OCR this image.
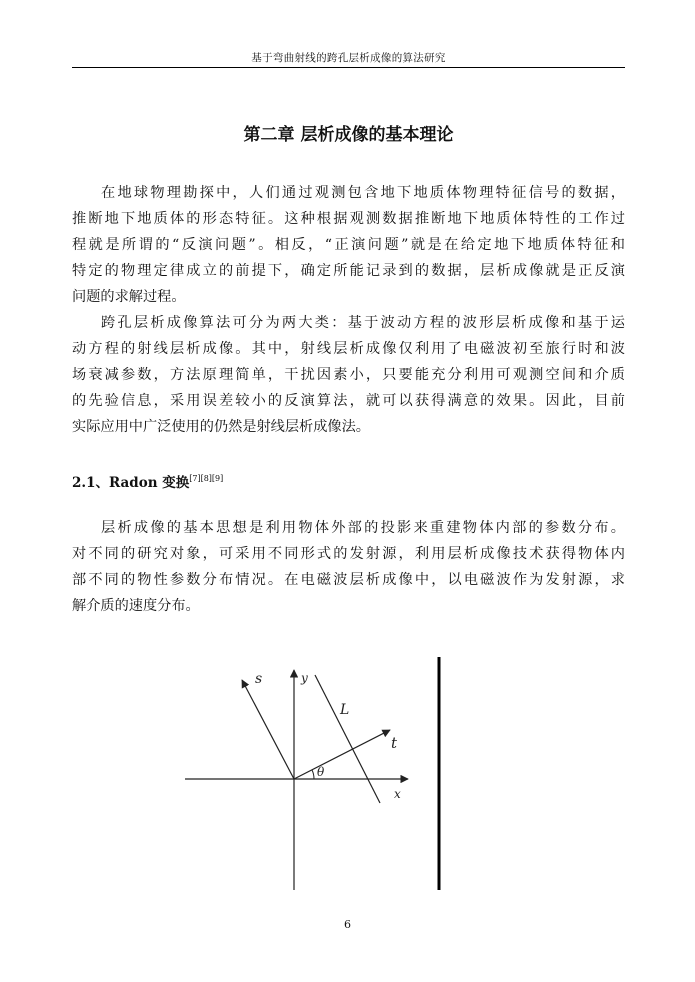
基于弯曲射线的跨孔层析成像的算法研究
第二章 层析成像的基本理论
在地球物理勘探中，人们通过观测包含地下地质体物理特征信号的数据，
推断地下地质体的形态特征。这种根据观测数据推断地下地质体特性的工作过
程就是所谓的“反演问题”。相反，“正演问题”就是在给定地下地质体特征和
特定的物理定律成立的前提下，确定所能记录到的数据，层析成像就是正反演
问题的求解过程。
跨孔层析成像算法可分为两大类：基于波动方程的波形层析成像和基于运
动方程的射线层析成像。其中，射线层析成像仅利用了电磁波初至旅行时和波
场衰减参数，方法原理简单，干扰因素小，只要能充分利用可观测空间和介质
的先验信息，采用误差较小的反演算法，就可以获得满意的效果。因此，目前
实际应用中广泛使用的仍然是射线层析成像法。
2.1、Radon 变换[7][8][9]
层析成像的基本思想是利用物体外部的投影来重建物体内部的参数分布。
对不同的研究对象，可采用不同形式的发射源，利用层析成像技术获得物体内
部不同的物性参数分布情况。在电磁波层析成像中，以电磁波作为发射源，求
解介质的速度分布。
s	y
L
t
θ
x
6
